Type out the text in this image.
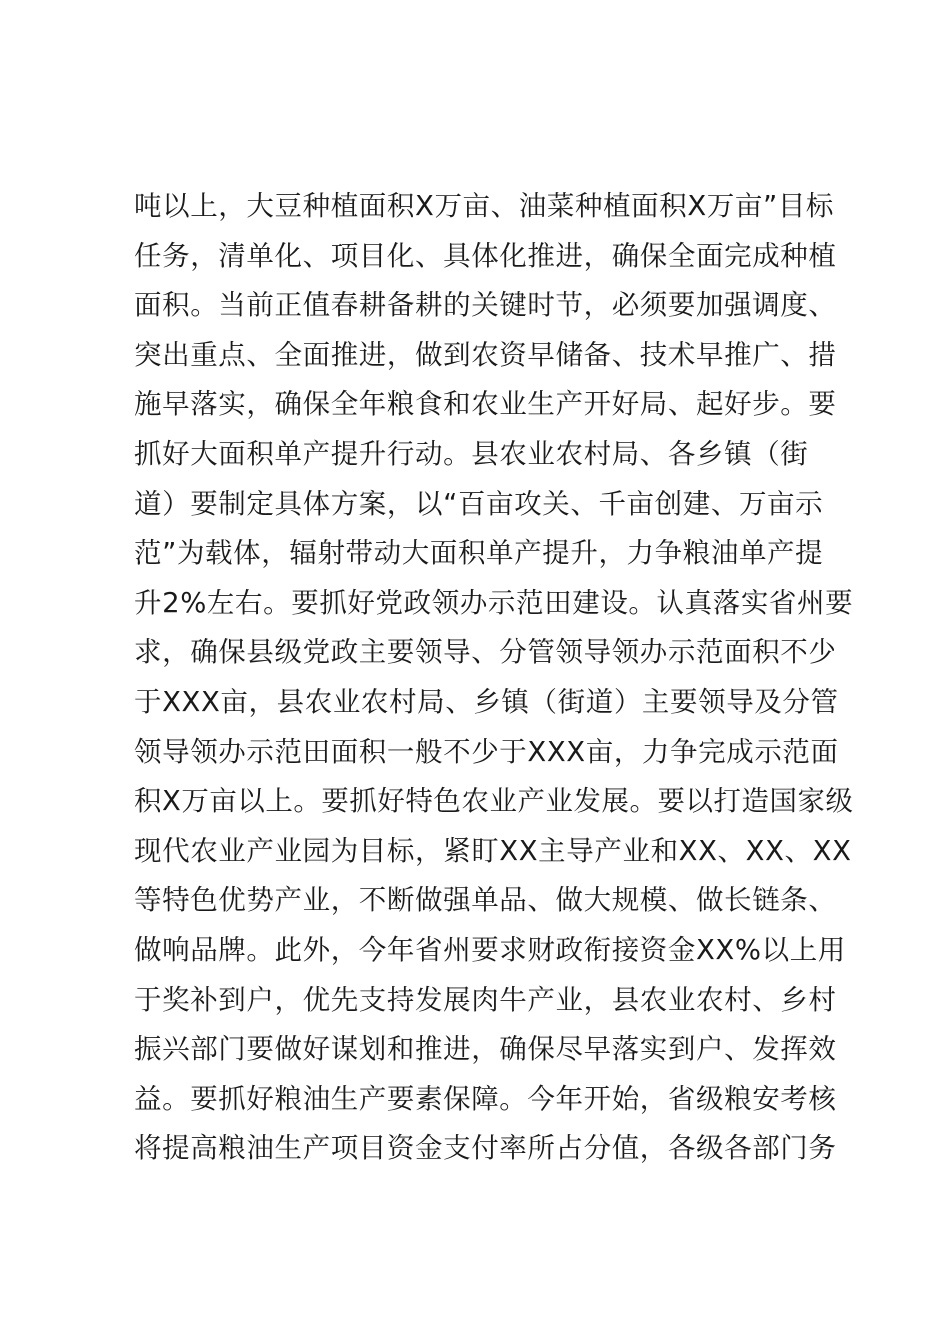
吨以上，大豆种植面积X万亩、油菜种植面积X万亩”目标
任务，清单化、项目化、具体化推进，确保全面完成种植
面积。当前正值春耕备耕的关键时节，必须要加强调度、
突出重点、全面推进，做到农资早储备、技术早推广、措
施早落实，确保全年粮食和农业生产开好局、起好步。要
抓好大面积单产提升行动。县农业农村局、各乡镇（街
道）要制定具体方案，以“百亩攻关、千亩创建、万亩示
范”为载体，辐射带动大面积单产提升，力争粮油单产提
升2%左右。要抓好党政领办示范田建设。认真落实省州要
求，确保县级党政主要领导、分管领导领办示范面积不少
于XXX亩，县农业农村局、乡镇（街道）主要领导及分管
领导领办示范田面积一般不少于XXX亩，力争完成示范面
积X万亩以上。要抓好特色农业产业发展。要以打造国家级
现代农业产业园为目标，紧盯XX主导产业和XX、XX、XX
等特色优势产业，不断做强单品、做大规模、做长链条、
做响品牌。此外，今年省州要求财政衔接资金XX%以上用
于奖补到户，优先支持发展肉牛产业，县农业农村、乡村
振兴部门要做好谋划和推进，确保尽早落实到户、发挥效
益。要抓好粮油生产要素保障。今年开始，省级粮安考核
将提高粮油生产项目资金支付率所占分值，各级各部门务
